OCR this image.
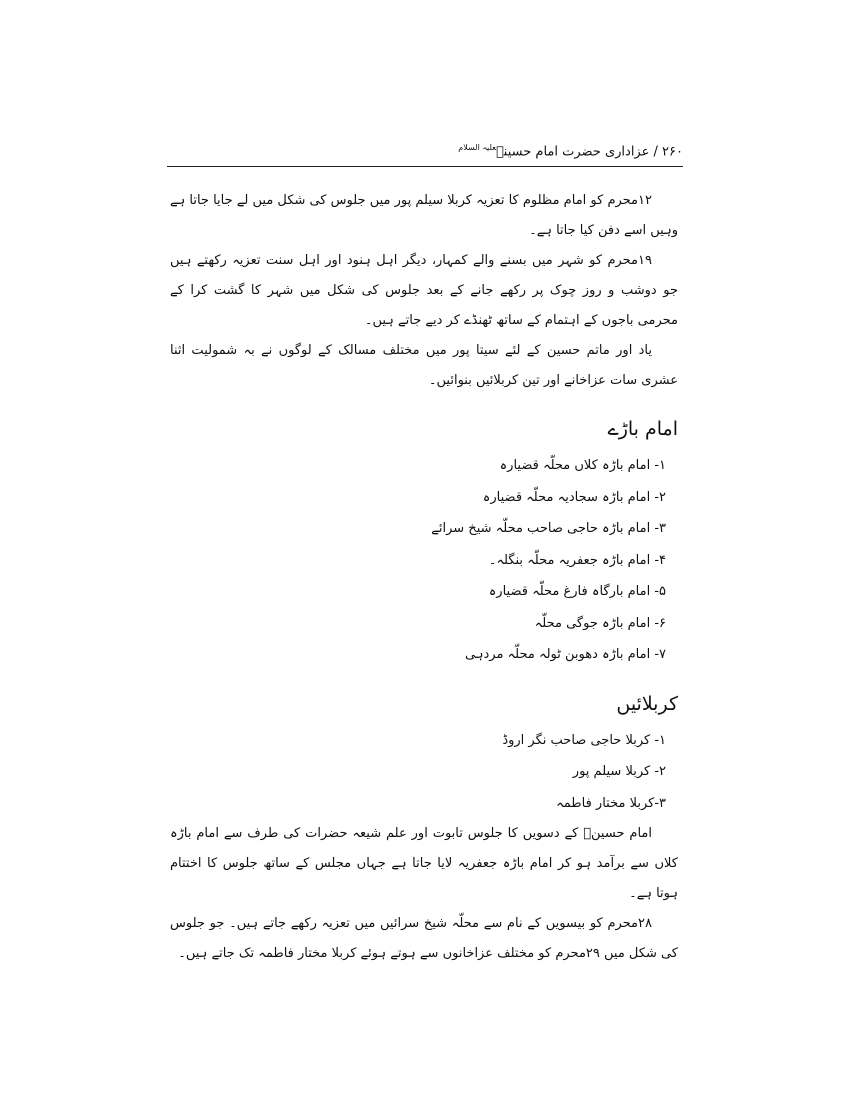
۲۶۰ / عزاداری حضرت امام حسینؑ$^{علیہ السلام}$

۱۲محرم کو امام مظلوم کا تعزیہ کربلا سیلم پور میں جلوس کی شکل میں لے جایا جاتا ہے وہیں اسے دفن کیا جاتا ہے۔

۱۹محرم کو شہر میں بسنے والے کمہار، دیگر اہل ہنود اور اہل سنت تعزیہ رکھتے ہیں جو دوشب و روز چوک پر رکھے جانے کے بعد جلوس کی شکل میں شہر کا گشت کرا کے محرمی باجوں کے اہتمام کے ساتھ ٹھنڈے کر دیے جاتے ہیں۔

یاد اور ماتم حسین کے لئے سیتا پور میں مختلف مسالک کے لوگوں نے بہ شمولیت اثنا عشری سات عزاخانے اور تین کربلائیں بنوائیں۔

امام باڑے
۱- امام باڑہ کلاں محلّہ قضیارہ
۲- امام باڑہ سجادیہ محلّہ قضیارہ
۳- امام باڑہ حاجی صاحب محلّہ شیخ سرائے
۴- امام باڑہ جعفریہ محلّہ بنگلہ۔
۵- امام بارگاہ فارغ محلّہ قضیارہ
۶- امام باڑہ جوگی محلّہ
۷- امام باڑہ دھوبن ٹولہ محلّہ مردہی
کربلائیں
۱- کربلا حاجی صاحب نگر اروڈ
۲- کربلا سیلم پور
۳-کربلا مختار فاطمہ

امام حسینؑ کے دسویں کا جلوس تابوت اور علم شیعہ حضرات کی طرف سے امام باڑہ کلاں سے برآمد ہو کر امام باڑہ جعفریہ لایا جاتا ہے جہاں مجلس کے ساتھ جلوس کا اختتام ہوتا ہے۔

۲۸محرم کو بیسویں کے نام سے محلّہ شیخ سرائیں میں تعزیہ رکھے جاتے ہیں۔ جو جلوس کی شکل میں ۲۹محرم کو مختلف عزاخانوں سے ہوتے ہوئے کربلا مختار فاطمہ تک جاتے ہیں۔
